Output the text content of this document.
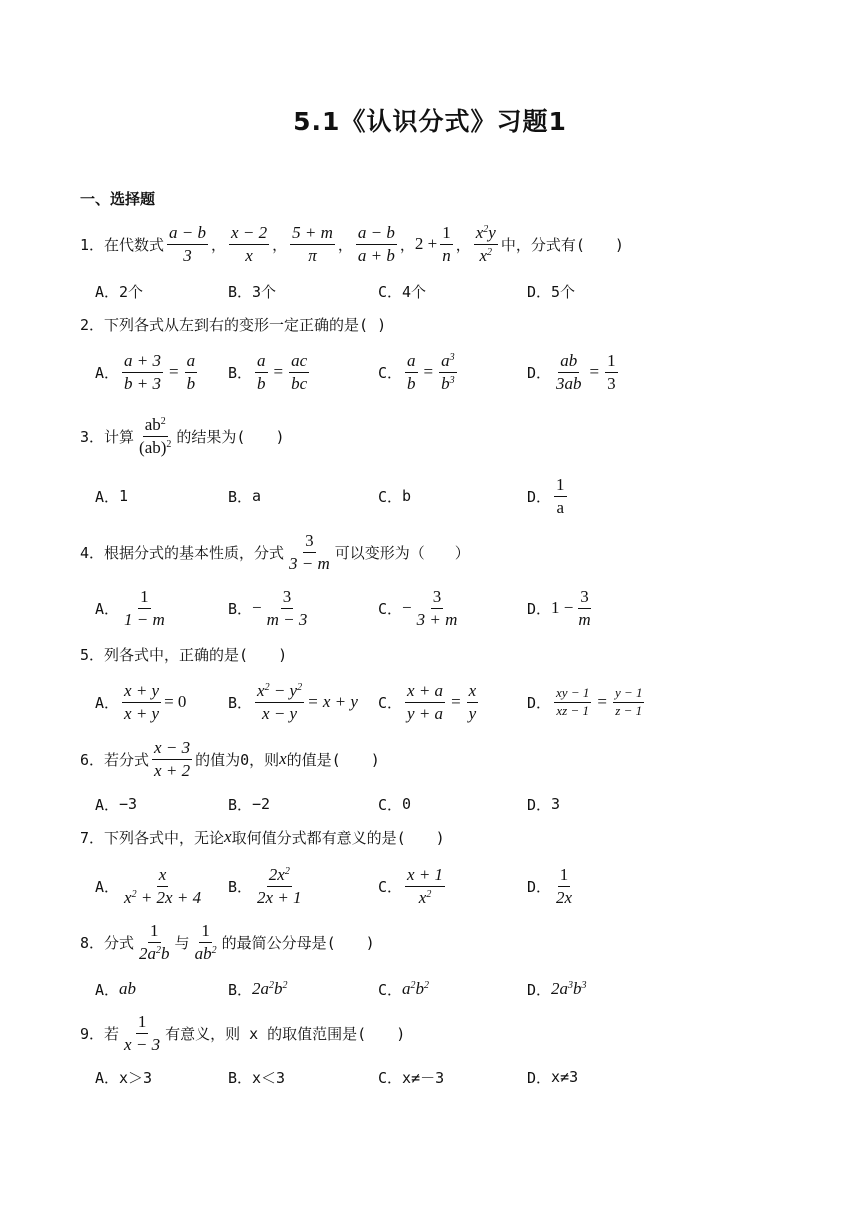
5.1《认识分式》习题1
一、选择题
1． 在代数式 $\frac{a - b}{3}$ ， $\frac{x - 2}{x}$ ， $\frac{5 + m}{\pi}$ ， $\frac{a - b}{a + b}$ ， $2 + \frac{1}{n}$ ， $\frac{x^2y}{x^2}$ 中，分式有(　　)
A． 2个	B． 3个	C． 4个	D． 5个
2． 下列各式从左到右的变形一定正确的是( )
A． $\frac{a + 3}{b + 3} = \frac{a}{b}$ B． $\frac{a}{b} = \frac{ac}{bc}$	C． $\frac{a}{b} = \frac{a^3}{b^3}$	D． $\frac{ab}{3ab} = \frac{1}{3}$
3． 计算 $\frac{ab^2}{(ab)^2}$ 的结果为(　　)
A． 1	B． a	C． b	D． $\frac{1}{a}$
4． 根据分式的基本性质，分式 $\frac{3}{3 - m}$ 可以变形为（　　）
A． $\frac{1}{1 - m}$	B． − $\frac{3}{m - 3}$	C． − $\frac{3}{3 + m}$	D． $1 - \frac{3}{m}$
5． 列各式中，正确的是(　　)
A． $\frac{x + y}{x + y} = 0$	B． $\frac{x^2 - y^2}{x - y} = x + y$ C． $\frac{x + a}{y + a} = \frac{x}{y}$	D． $\frac{xy - 1}{xz - 1} = \frac{y - 1}{z - 1}$
6． 若分式 $\frac{x - 3}{x + 2}$ 的值为0，则 x 的值是(　　)
A． −3	B． −2	C． 0	D． 3
7． 下列各式中，无论 x 取何值分式都有意义的是(　　)
A． $\frac{x}{x^2 + 2x + 4}$ B． $\frac{2x^2}{2x + 1}$	C． $\frac{x + 1}{x^2}$	D． $\frac{1}{2x}$
8． 分式 $\frac{1}{2a^2b}$ 与 $\frac{1}{ab^2}$ 的最简公分母是(　　)
A． ab	B． $2a^2b^2$	C． $a^2b^2$	D． $2a^3b^3$
9． 若 $\frac{1}{x - 3}$ 有意义，则 x 的取值范围是(　　)
A． x＞3	B． x＜3	C． x≠－3	D． x≠3
